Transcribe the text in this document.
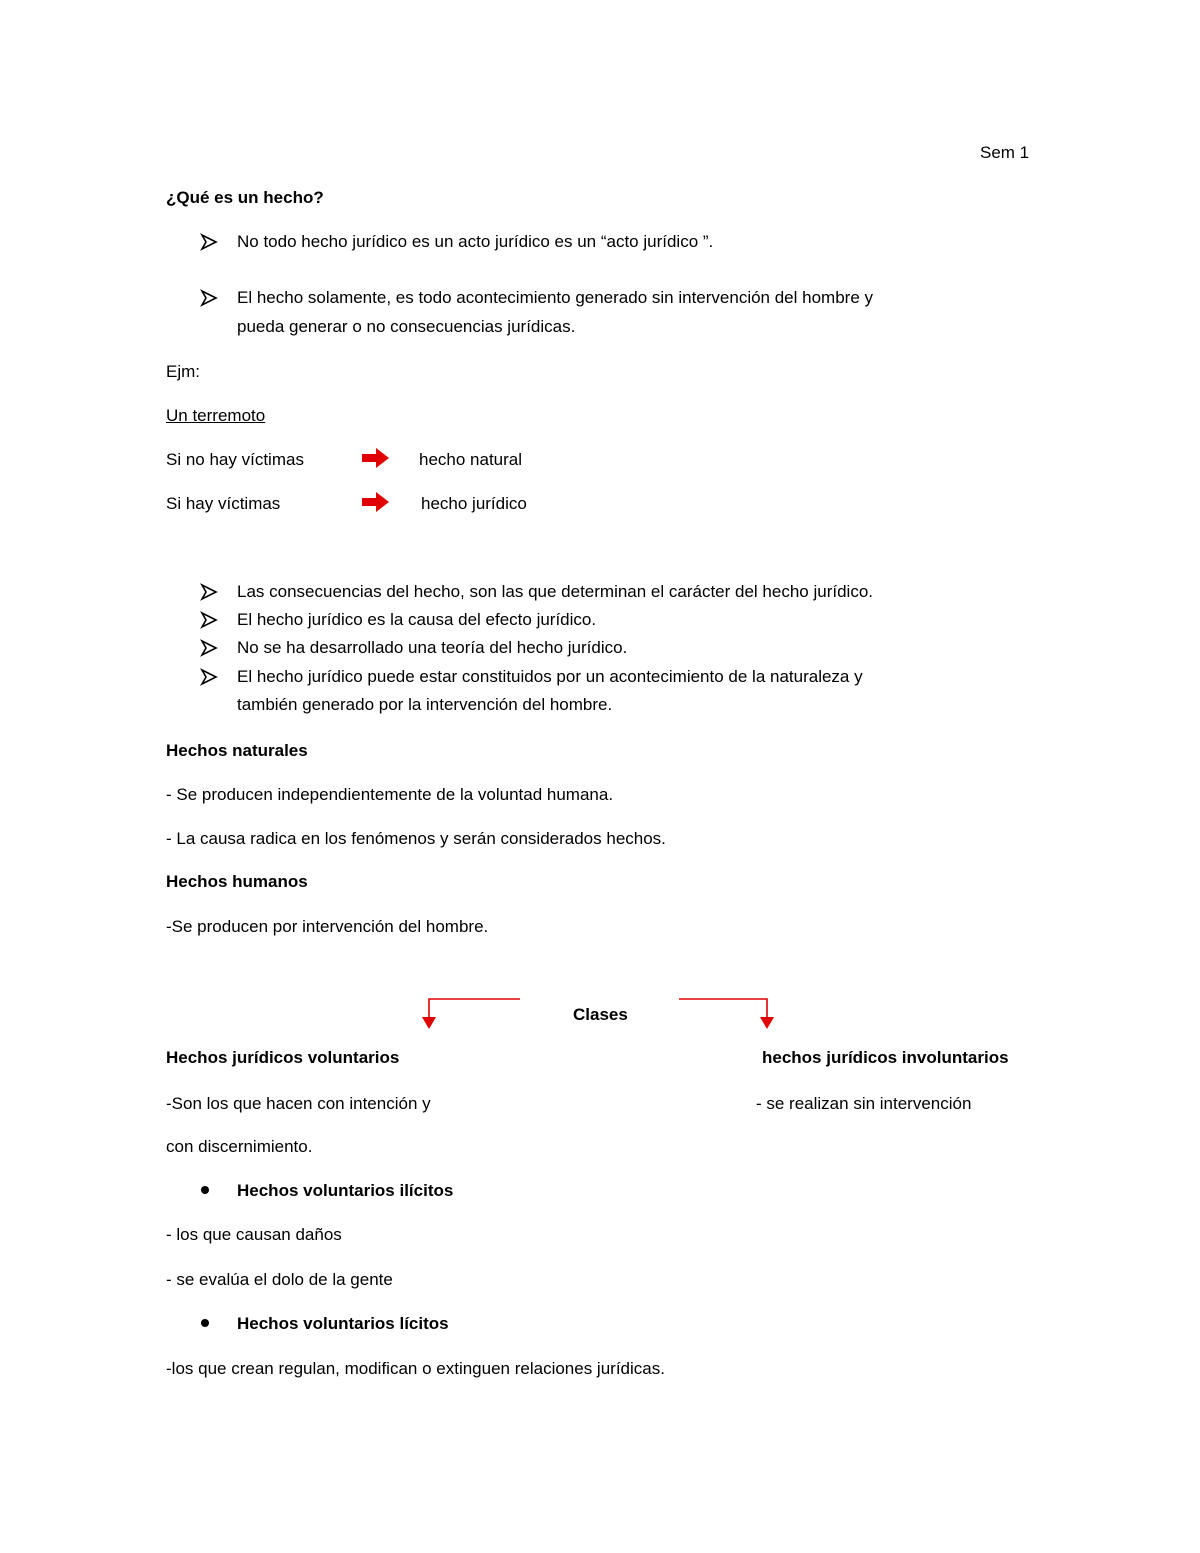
Sem 1
¿Qué es un hecho?
No todo hecho jurídico es un acto jurídico es un “acto jurídico ”.
El hecho solamente, es todo acontecimiento generado sin intervención del hombre y
pueda generar o no consecuencias jurídicas.
Ejm:
Un terremoto
Si no hay víctimas	hecho natural
Si hay víctimas	hecho jurídico
Las consecuencias del hecho, son las que determinan el carácter del hecho jurídico.
El hecho jurídico es la causa del efecto jurídico.
No se ha desarrollado una teoría del hecho jurídico.
El hecho jurídico puede estar constituidos por un acontecimiento de la naturaleza y
también generado por la intervención del hombre.
Hechos naturales
- Se producen independientemente de la voluntad humana.
- La causa radica en los fenómenos y serán considerados hechos.
Hechos humanos
-Se producen por intervención del hombre.
Clases
Hechos jurídicos voluntarios	hechos jurídicos involuntarios
-Son los que hacen con intención y	- se realizan sin intervención
con discernimiento.
Hechos voluntarios ilícitos
- los que causan daños
- se evalúa el dolo de la gente
Hechos voluntarios lícitos
-los que crean regulan, modifican o extinguen relaciones jurídicas.
